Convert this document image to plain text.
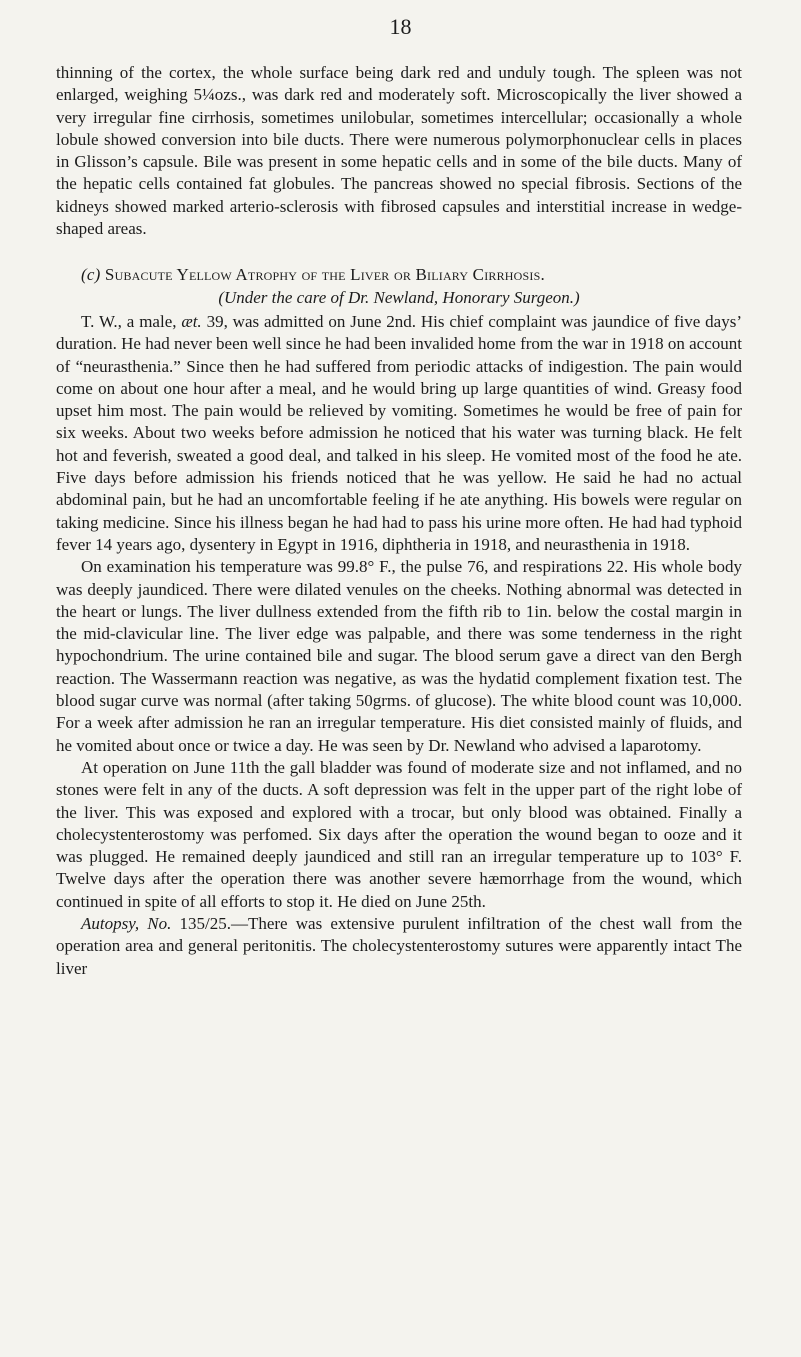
18

thinning of the cortex, the whole surface being dark red and unduly tough. The spleen was not enlarged, weighing 5¼ozs., was dark red and moderately soft. Microscopically the liver showed a very irregular fine cirrhosis, sometimes unilobular, sometimes intercellular; occasionally a whole lobule showed conversion into bile ducts. There were numerous polymorphonuclear cells in places in Glisson’s capsule. Bile was present in some hepatic cells and in some of the bile ducts. Many of the hepatic cells contained fat globules. The pancreas showed no special fibrosis. Sections of the kidneys showed marked arterio-sclerosis with fibrosed capsules and interstitial increase in wedge-shaped areas.

(c) Subacute Yellow Atrophy of the Liver or Biliary Cirrhosis.

(Under the care of Dr. Newland, Honorary Surgeon.)

T. W., a male, æt. 39, was admitted on June 2nd. His chief complaint was jaundice of five days’ duration. He had never been well since he had been invalided home from the war in 1918 on account of “neurasthenia.” Since then he had suffered from periodic attacks of indigestion. The pain would come on about one hour after a meal, and he would bring up large quantities of wind. Greasy food upset him most. The pain would be relieved by vomiting. Sometimes he would be free of pain for six weeks. About two weeks before admission he noticed that his water was turning black. He felt hot and feverish, sweated a good deal, and talked in his sleep. He vomited most of the food he ate. Five days before admission his friends noticed that he was yellow. He said he had no actual abdominal pain, but he had an uncomfortable feeling if he ate anything. His bowels were regular on taking medicine. Since his illness began he had had to pass his urine more often. He had had typhoid fever 14 years ago, dysentery in Egypt in 1916, diphtheria in 1918, and neurasthenia in 1918.

On examination his temperature was 99.8° F., the pulse 76, and respirations 22. His whole body was deeply jaundiced. There were dilated venules on the cheeks. Nothing abnormal was detected in the heart or lungs. The liver dullness extended from the fifth rib to 1in. below the costal margin in the mid-clavicular line. The liver edge was palpable, and there was some tenderness in the right hypochondrium. The urine contained bile and sugar. The blood serum gave a direct van den Bergh reaction. The Wassermann reaction was negative, as was the hydatid complement fixation test. The blood sugar curve was normal (after taking 50grms. of glucose). The white blood count was 10,000. For a week after admission he ran an irregular temperature. His diet consisted mainly of fluids, and he vomited about once or twice a day. He was seen by Dr. Newland who advised a laparotomy.

At operation on June 11th the gall bladder was found of moderate size and not inflamed, and no stones were felt in any of the ducts. A soft depression was felt in the upper part of the right lobe of the liver. This was exposed and explored with a trocar, but only blood was obtained. Finally a cholecystenterostomy was perfomed. Six days after the operation the wound began to ooze and it was plugged. He remained deeply jaundiced and still ran an irregular temperature up to 103° F. Twelve days after the operation there was another severe hæmorrhage from the wound, which continued in spite of all efforts to stop it. He died on June 25th.

Autopsy, No. 135/25.—There was extensive purulent infiltration of the chest wall from the operation area and general peritonitis. The cholecystenterostomy sutures were apparently intact The liver
